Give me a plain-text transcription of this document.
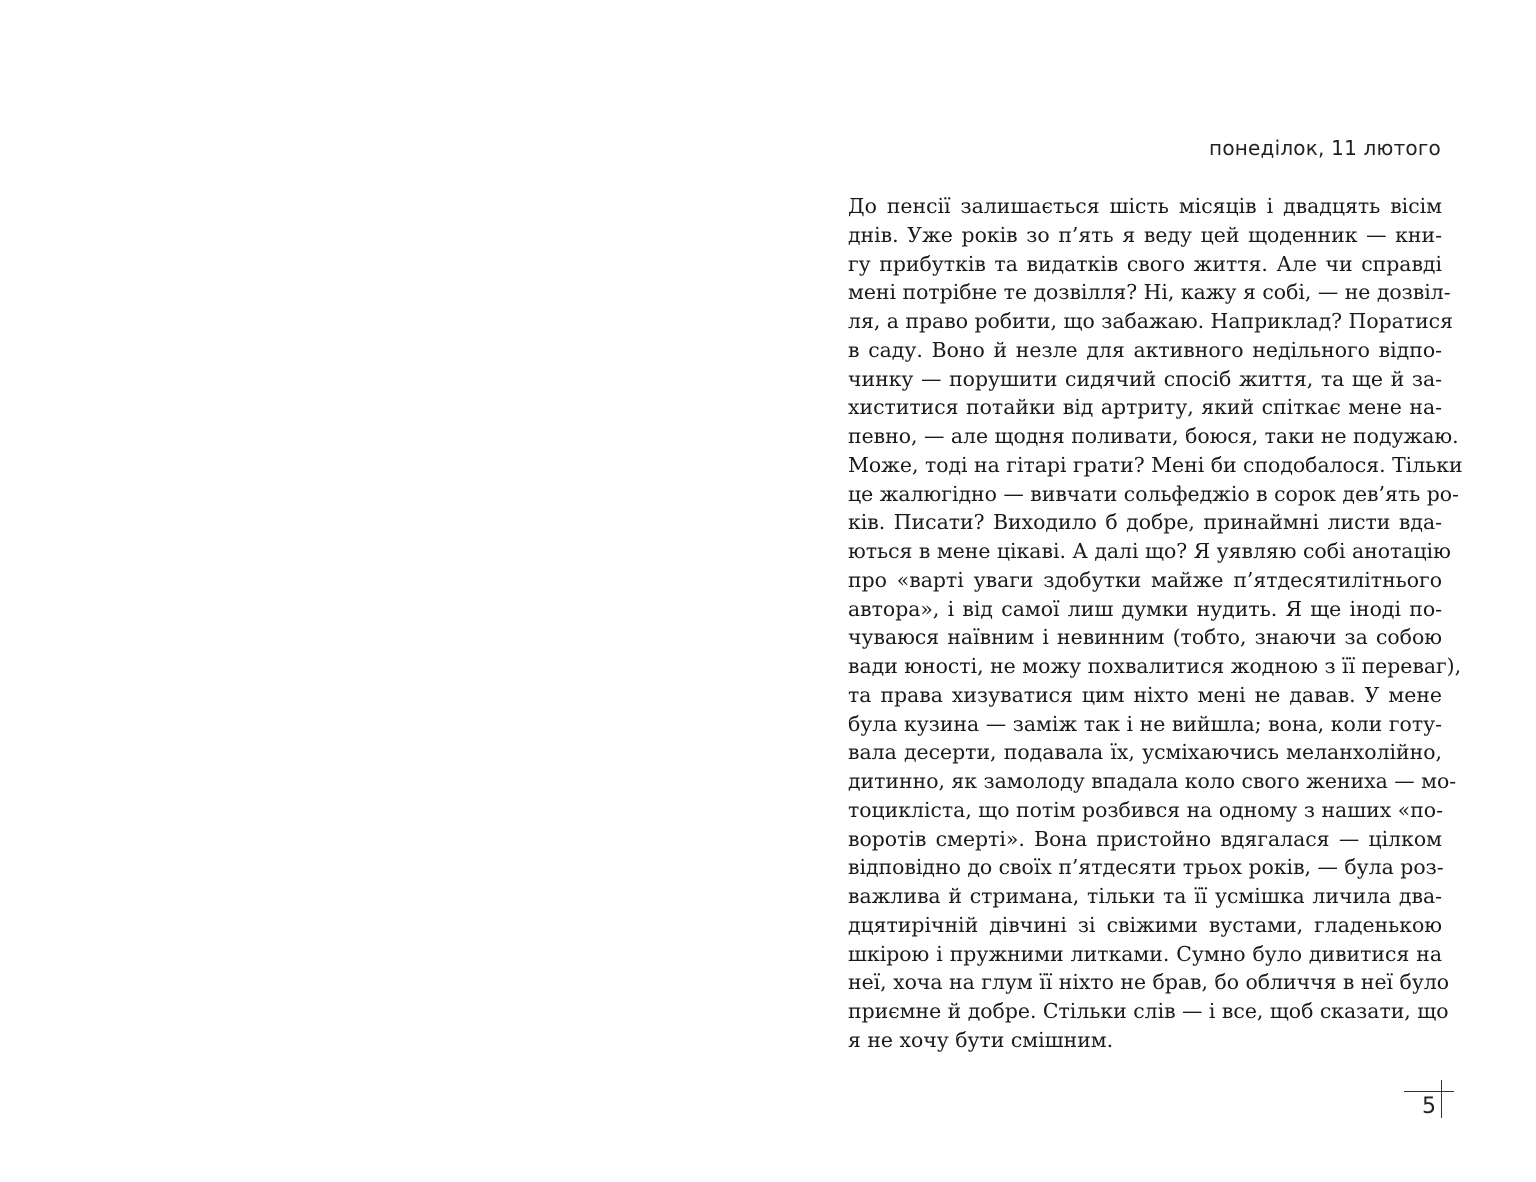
понеділок, 11 лютого
До пенсії залишається шість місяців і двадцять вісім
днів. Уже років зо п’ять я веду цей щоденник — кни-
гу прибутків та видатків свого життя. Але чи справді
мені потрібне те дозвілля? Ні, кажу я собі, — не дозвіл-
ля, а право робити, що забажаю. Наприклад? Поратися
в саду. Воно й незле для активного недільного відпо-
чинку — порушити сидячий спосіб життя, та ще й за-
хиститися потайки від артриту, який спіткає мене на-
певно, — але щодня поливати, боюся, таки не подужаю.
Може, тоді на гітарі грати? Мені би сподобалося. Тільки
це жалюгідно — вивчати сольфеджіо в сорок дев’ять ро-
ків. Писати? Виходило б добре, принаймні листи вда-
ються в мене цікаві. А далі що? Я уявляю собі анотацію
про «варті уваги здобутки майже п’ятдесятилітнього
автора», і від самої лиш думки нудить. Я ще іноді по-
чуваюся наївним і невинним (тобто, знаючи за собою
вади юності, не можу похвалитися жодною з її переваг),
та права хизуватися цим ніхто мені не давав. У мене
була кузина — заміж так і не вийшла; вона, коли готу-
вала десерти, подавала їх, усміхаючись меланхолійно,
дитинно, як замолоду впадала коло свого жениха — мо-
тоцикліста, що потім розбився на одному з наших «по-
воротів смерті». Вона пристойно вдягалася — цілком
відповідно до своїх п’ятдесяти трьох років, — була роз-
важлива й стримана, тільки та її усмішка личила два-
дцятирічній дівчині зі свіжими вустами, гладенькою
шкірою і пружними литками. Сумно було дивитися на
неї, хоча на глум її ніхто не брав, бо обличчя в неї було
приємне й добре. Стільки слів — і все, щоб сказати, що
я не хочу бути смішним.
5
